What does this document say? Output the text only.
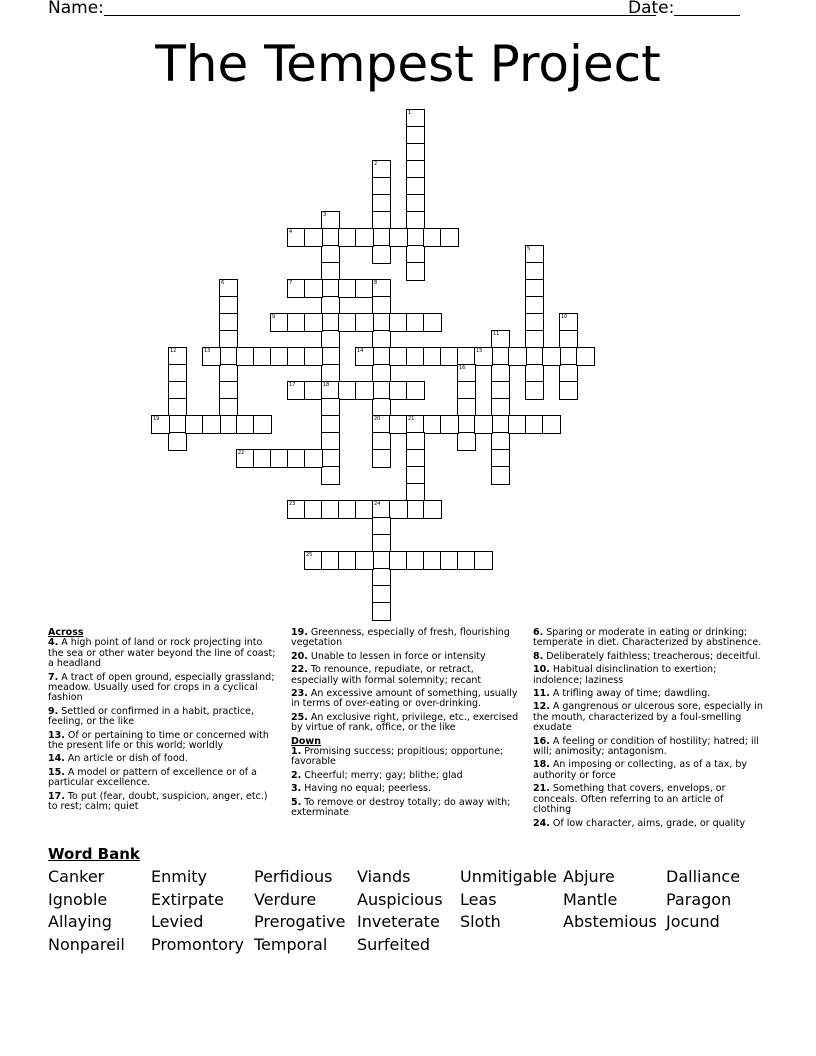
Name:	Date:
The Tempest Project
1
2
3
4
5
6	7	8
20
9	10
11
12	13	14	15
16
17	18
19	21
22
23	24
25
Across
4. A high point of land or rock projecting into the sea or other water beyond the line of coast; a headland
7. A tract of open ground, especially grassland; meadow. Usually used for crops in a cyclical fashion
9. Settled or confirmed in a habit, practice, feeling, or the like
13. Of or pertaining to time or concerned with the present life or this world; worldly
14. An article or dish of food.
15. A model or pattern of excellence or of a particular excellence.
17. To put (fear, doubt, suspicion, anger, etc.) to rest; calm; quiet
19. Greenness, especially of fresh, flourishing vegetation
20. Unable to lessen in force or intensity
22. To renounce, repudiate, or retract, especially with formal solemnity; recant
23. An excessive amount of something, usually in terms of over-eating or over-drinking.
25. An exclusive right, privilege, etc., exercised by virtue of rank, office, or the like
Down
1. Promising success; propitious; opportune; favorable
2. Cheerful; merry; gay; blithe; glad
3. Having no equal; peerless.
5. To remove or destroy totally; do away with; exterminate
6. Sparing or moderate in eating or drinking; temperate in diet. Characterized by abstinence.
8. Deliberately faithless; treacherous; deceitful.
10. Habitual disinclination to exertion; indolence; laziness
11. A trifling away of time; dawdling.
12. A gangrenous or ulcerous sore, especially in the mouth, characterized by a foul-smelling exudate
16. A feeling or condition of hostility; hatred; ill will; animosity; antagonism.
18. An imposing or collecting, as of a tax, by authority or force
21. Something that covers, envelops, or conceals. Often referring to an article of clothing
24. Of low character, aims, grade, or quality
Word Bank
Canker	Enmity	Perfidious	Viands	Unmitigable Abjure	Dalliance
Ignoble	Extirpate	Verdure	Auspicious	Leas	Mantle	Paragon
Allaying	Levied	Prerogative Inveterate	Sloth	Abstemious Jocund
Nonpareil	Promontory Temporal	Surfeited
